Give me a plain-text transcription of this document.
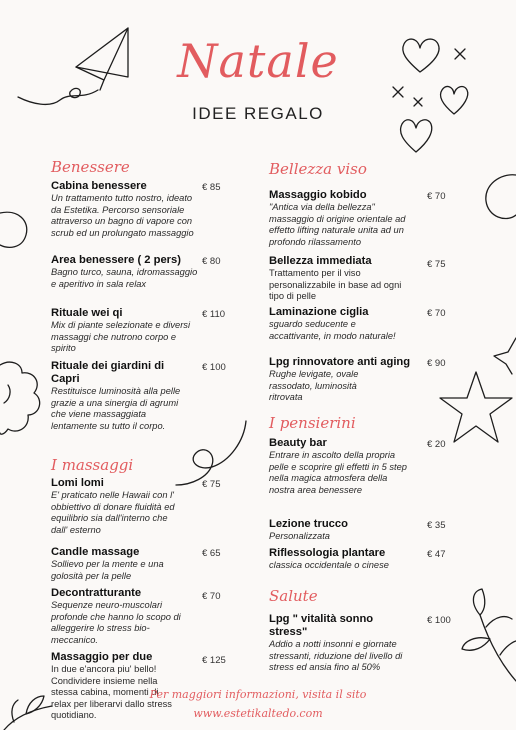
Natale
IDEE REGALO
Benessere
Cabina benessere
Un trattamento tutto nostro, ideato da Estetika. Percorso sensoriale attraverso un bagno di vapore con scrub ed un prolungato massaggio
€ 85
Area benessere ( 2 pers)
Bagno turco, sauna, idromassaggio e aperitivo in sala relax
€ 80
Rituale wei qi
Mix di piante selezionate e diversi massaggi che nutrono corpo e spirito
€ 110
Rituale dei giardini di Capri
Restituisce luminosità alla pelle grazie a una sinergia di agrumi che viene massaggiata lentamente su tutto il corpo.
€ 100
I massaggi
Lomi lomi
E' praticato nelle Hawaii con l' obbiettivo di donare fluidità ed equilibrio sia dall'interno che dall' esterno
€ 75
Candle massage
Sollievo per la mente e una golosità per la pelle
€ 65
Decontratturante
Sequenze neuro-muscolari profonde che hanno lo scopo di alleggerire lo stress bio-meccanico.
€ 70
Massaggio per due
In due e'ancora piu' bello! Condividere insieme nella stessa cabina, momenti di relax per liberarvi dallo stress quotidiano.
€ 125
Bellezza viso
Massaggio kobido
"Antica via della bellezza" massaggio di origine orientale ad effetto lifting naturale unita ad un profondo rilassamento
€ 70
Bellezza immediata
Trattamento per il viso personalizzabile in base ad ogni tipo di pelle
€ 75
Laminazione ciglia
sguardo seducente e accattivante, in modo naturale!
€ 70
Lpg rinnovatore anti aging
Rughe levigate, ovale rassodato, luminosità ritrovata
€ 90
I pensierini
Beauty bar
Entrare in ascolto della propria pelle e scoprire gli effetti in 5 step nella magica atmosfera della nostra area benessere
€ 20
Lezione trucco
Personalizzata
€ 35
Riflessologia plantare
classica occidentale o cinese
€ 47
Salute
Lpg " vitalità sonno stress"
Addio a notti insonni e giornate stressanti, riduzione del livello di stress ed ansia fino al 50%
€ 100
Per maggiori informazioni, visita il sito
www.estetikaltedo.com
